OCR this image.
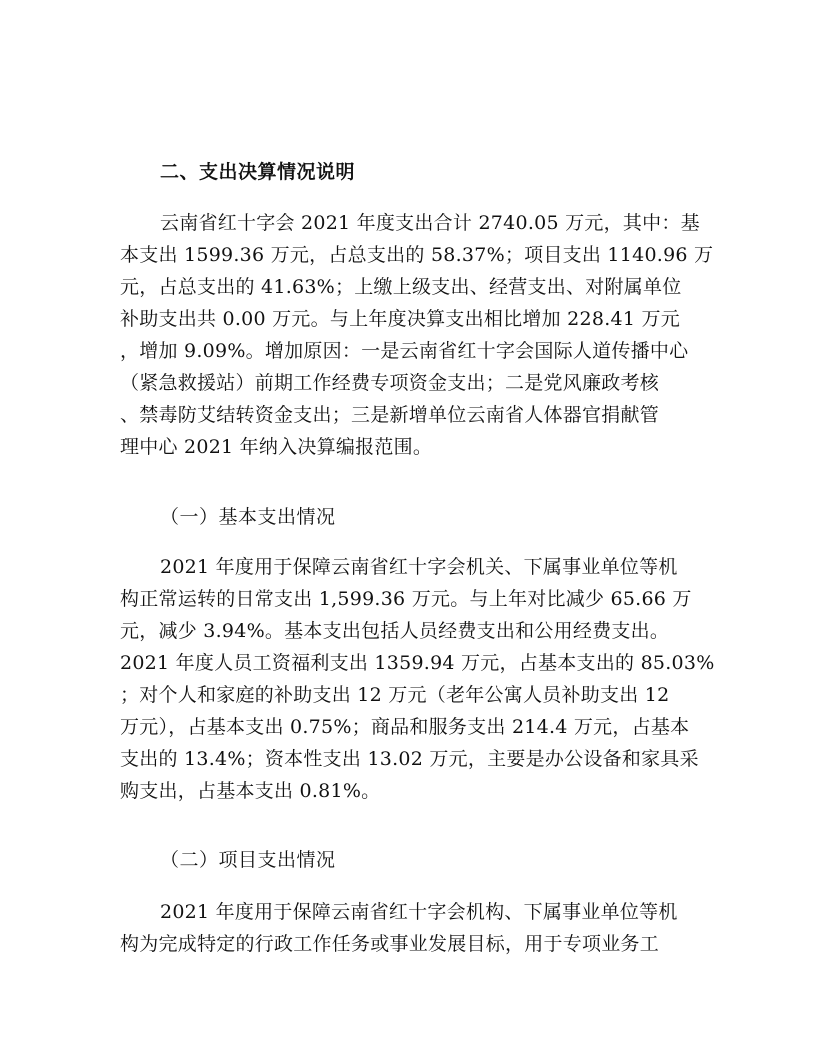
二、支出决算情况说明
云南省红十字会 2021 年度支出合计 2740.05 万元，其中：基
本支出 1599.36 万元，占总支出的 58.37%；项目支出 1140.96 万
元，占总支出的 41.63%；上缴上级支出、经营支出、对附属单位
补助支出共 0.00 万元。与上年度决算支出相比增加 228.41 万元
，增加 9.09%。增加原因：一是云南省红十字会国际人道传播中心
（紧急救援站）前期工作经费专项资金支出；二是党风廉政考核
、禁毒防艾结转资金支出；三是新增单位云南省人体器官捐献管
理中心 2021 年纳入决算编报范围。
（一）基本支出情况
2021 年度用于保障云南省红十字会机关、下属事业单位等机
构正常运转的日常支出 1,599.36 万元。与上年对比减少 65.66 万
元，减少 3.94%。基本支出包括人员经费支出和公用经费支出。
2021 年度人员工资福利支出 1359.94 万元，占基本支出的 85.03%
；对个人和家庭的补助支出 12 万元（老年公寓人员补助支出 12
万元），占基本支出 0.75%；商品和服务支出 214.4 万元，占基本
支出的 13.4%；资本性支出 13.02 万元，主要是办公设备和家具采
购支出，占基本支出 0.81%。
（二）项目支出情况
2021 年度用于保障云南省红十字会机构、下属事业单位等机
构为完成特定的行政工作任务或事业发展目标，用于专项业务工
